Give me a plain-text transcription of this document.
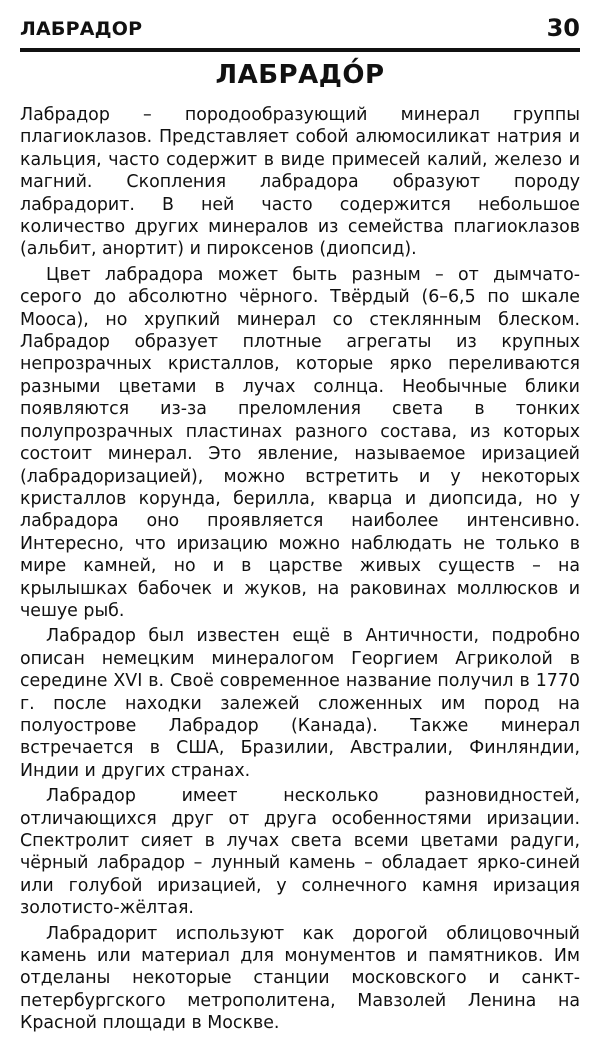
ЛАБРАДОР	30
ЛАБРАДО́Р

Лабрадор – породообразующий минерал группы плагиоклазов. Представляет собой алюмосиликат натрия и кальция, часто содержит в виде примесей калий, железо и магний. Скопления лабрадора образуют породу лабрадорит. В ней часто содержится небольшое количество других минералов из семейства плагиоклазов (альбит, анортит) и пироксенов (диопсид).

Цвет лабрадора может быть разным – от дымчато-серого до абсолютно чёрного. Твёрдый (6–6,5 по шкале Мооса), но хрупкий минерал со стеклянным блеском. Лабрадор образует плотные агрегаты из крупных непрозрачных кристаллов, которые ярко переливаются разными цветами в лучах солнца. Необычные блики появляются из-за преломления света в тонких полупрозрачных пластинах разного состава, из которых состоит минерал. Это явление, называемое иризацией (лабрадоризацией), можно встретить и у некоторых кристаллов корунда, берилла, кварца и диопсида, но у лабрадора оно проявляется наиболее интенсивно. Интересно, что иризацию можно наблюдать не только в мире камней, но и в царстве живых существ – на крылышках бабочек и жуков, на раковинах моллюсков и чешуе рыб.

Лабрадор был известен ещё в Античности, подробно описан немецким минералогом Георгием Агриколой в середине XVI в. Своё современное название получил в 1770 г. после находки залежей сложенных им пород на полуострове Лабрадор (Канада). Также минерал встречается в США, Бразилии, Австралии, Финляндии, Индии и других странах.

Лабрадор имеет несколько разновидностей, отличающихся друг от друга особенностями иризации. Спектролит сияет в лучах света всеми цветами радуги, чёрный лабрадор – лунный камень – обладает ярко-синей или голубой иризацией, у солнечного камня иризация золотисто-жёлтая.

Лабрадорит используют как дорогой облицовочный камень или материал для монументов и памятников. Им отделаны некоторые станции московского и санкт-петербургского метрополитена, Мавзолей Ленина на Красной площади в Москве.
